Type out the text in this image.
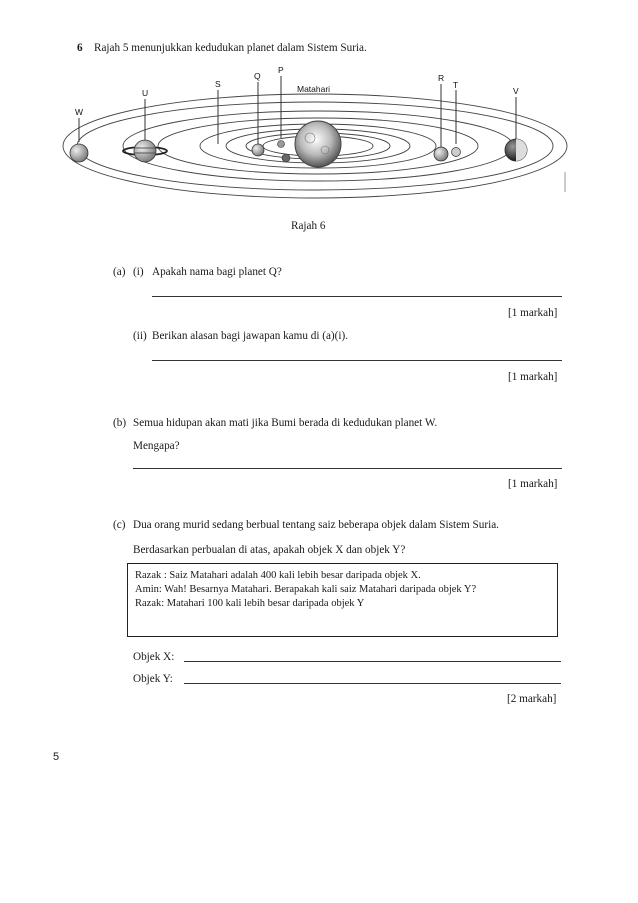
6 Rajah 5 menunjukkan kedudukan planet dalam Sistem Suria.
W
U
S
Q
P
R
T
V
Matahari
Rajah 6
(a) (i) Apakah nama bagi planet Q?
[1 markah]
(ii) Berikan alasan bagi jawapan kamu di (a)(i).
[1 markah]
(b) Semua hidupan akan mati jika Bumi berada di kedudukan planet W.
Mengapa?
[1 markah]
(c) Dua orang murid sedang berbual tentang saiz beberapa objek dalam Sistem Suria.
Berdasarkan perbualan di atas, apakah objek X dan objek Y?
Razak : Saiz Matahari adalah 400 kali lebih besar daripada objek X.
Amin: Wah! Besarnya Matahari. Berapakah kali saiz Matahari daripada objek Y?
Razak: Matahari 100 kali lebih besar daripada objek Y
Objek X:
Objek Y:
[2 markah]
5
